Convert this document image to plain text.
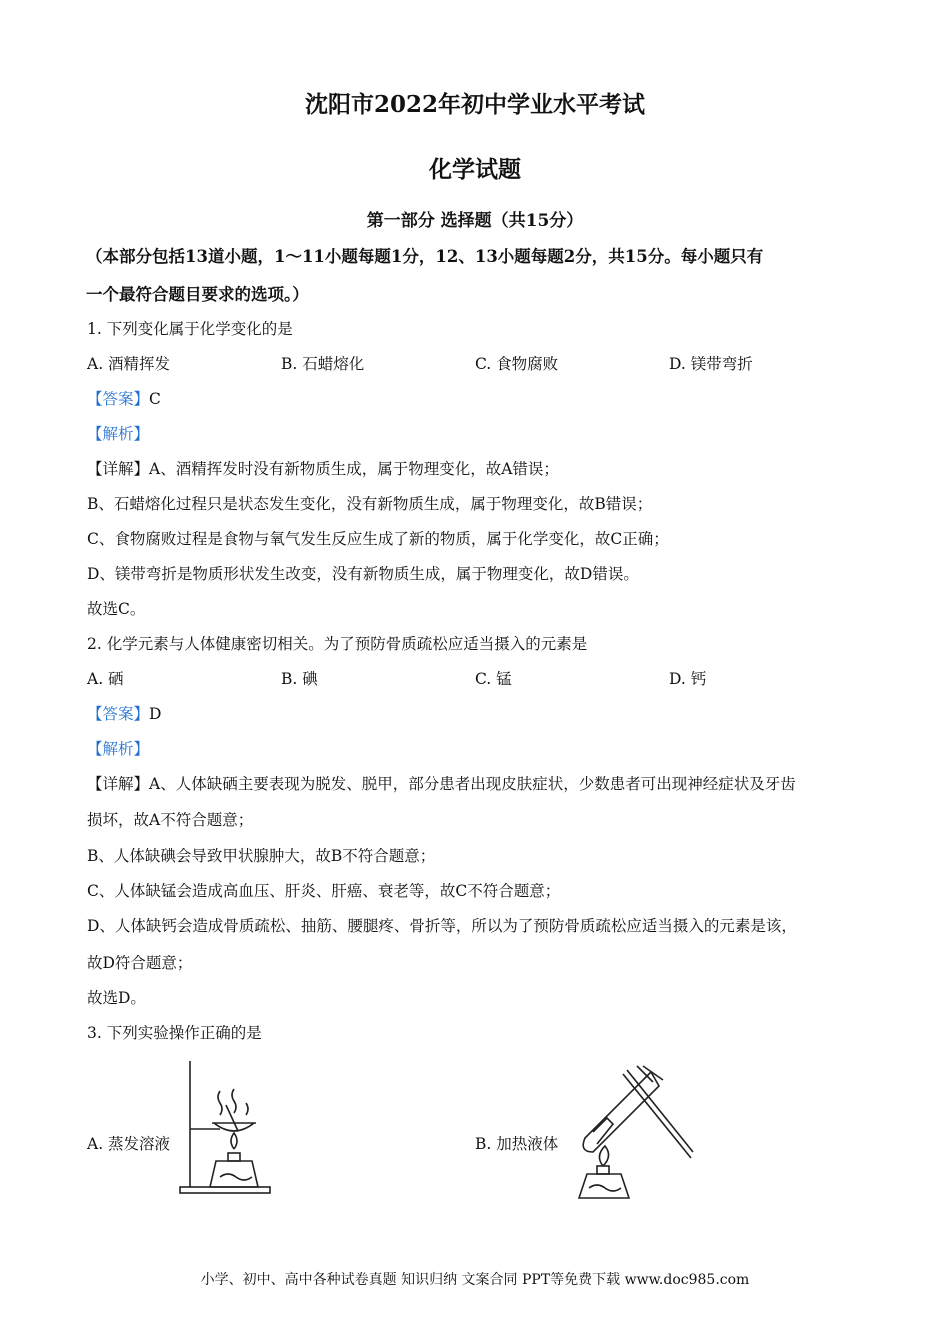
沈阳市2022年初中学业水平考试
化学试题
第一部分 选择题（共15分）
（本部分包括13道小题，1～11小题每题1分，12、13小题每题2分，共15分。每小题只有
一个最符合题目要求的选项。）
1. 下列变化属于化学变化的是
A. 酒精挥发	B. 石蜡熔化	C. 食物腐败	D. 镁带弯折
【答案】C
【解析】
【详解】A、酒精挥发时没有新物质生成，属于物理变化，故A错误；
B、石蜡熔化过程只是状态发生变化，没有新物质生成，属于物理变化，故B错误；
C、食物腐败过程是食物与氧气发生反应生成了新的物质，属于化学变化，故C正确；
D、镁带弯折是物质形状发生改变，没有新物质生成，属于物理变化，故D错误。
故选C。
2. 化学元素与人体健康密切相关。为了预防骨质疏松应适当摄入的元素是
A. 硒	B. 碘	C. 锰	D. 钙
【答案】D
【解析】
【详解】A、人体缺硒主要表现为脱发、脱甲，部分患者出现皮肤症状，少数患者可出现神经症状及牙齿
损坏，故A不符合题意；
B、人体缺碘会导致甲状腺肿大，故B不符合题意；
C、人体缺锰会造成高血压、肝炎、肝癌、衰老等，故C不符合题意；
D、人体缺钙会造成骨质疏松、抽筋、腰腿疼、骨折等，所以为了预防骨质疏松应适当摄入的元素是该，
故D符合题意；
故选D。
3. 下列实验操作正确的是
A. 蒸发溶液	B. 加热液体
小学、初中、高中各种试卷真题 知识归纳 文案合同 PPT等免费下载 www.doc985.com
